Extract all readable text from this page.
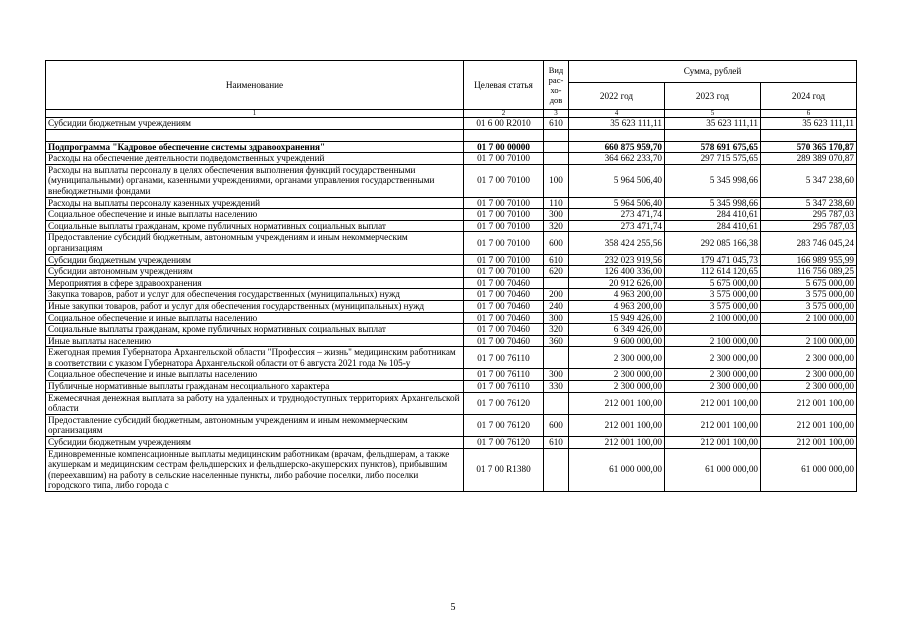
Наименование	Целевая статья	Вид рас-хо-дов	Сумма, рублей		
			2022 год	2023 год	2024 год
1	2	3	4	5	6
Субсидии бюджетным учреждениям	01 6 00 R2010	610	35 623 111,11	35 623 111,11	35 623 111,11

Подпрограмма "Кадровое обеспечение системы здравоохранения"	01 7 00 00000		660 875 959,70	578 691 675,65	570 365 170,87
Расходы на обеспечение деятельности подведомственных учреждений	01 7 00 70100		364 662 233,70	297 715 575,65	289 389 070,87
Расходы на выплаты персоналу в целях обеспечения выполнения функций государственными (муниципальными) органами, казенными учреждениями, органами управления государственными внебюджетными фондами	01 7 00 70100	100	5 964 506,40	5 345 998,66	5 347 238,60
Расходы на выплаты персоналу казенных учреждений	01 7 00 70100	110	5 964 506,40	5 345 998,66	5 347 238,60
Социальное обеспечение и иные выплаты населению	01 7 00 70100	300	273 471,74	284 410,61	295 787,03
Социальные выплаты гражданам, кроме публичных нормативных социальных выплат	01 7 00 70100	320	273 471,74	284 410,61	295 787,03
Предоставление субсидий бюджетным, автономным учреждениям и иным некоммерческим организациям	01 7 00 70100	600	358 424 255,56	292 085 166,38	283 746 045,24
Субсидии бюджетным учреждениям	01 7 00 70100	610	232 023 919,56	179 471 045,73	166 989 955,99
Субсидии автономным учреждениям	01 7 00 70100	620	126 400 336,00	112 614 120,65	116 756 089,25
Мероприятия в сфере здравоохранения	01 7 00 70460		20 912 626,00	5 675 000,00	5 675 000,00
Закупка товаров, работ и услуг для обеспечения государственных (муниципальных) нужд	01 7 00 70460	200	4 963 200,00	3 575 000,00	3 575 000,00
Иные закупки товаров, работ и услуг для обеспечения государственных (муниципальных) нужд	01 7 00 70460	240	4 963 200,00	3 575 000,00	3 575 000,00
Социальное обеспечение и иные выплаты населению	01 7 00 70460	300	15 949 426,00	2 100 000,00	2 100 000,00
Социальные выплаты гражданам, кроме публичных нормативных социальных выплат	01 7 00 70460	320	6 349 426,00		
Иные выплаты населению	01 7 00 70460	360	9 600 000,00	2 100 000,00	2 100 000,00
Ежегодная премия Губернатора Архангельской области "Профессия – жизнь" медицинским работникам в соответствии с указом Губернатора Архангельской области от 6 августа 2021 года № 105-у	01 7 00 76110		2 300 000,00	2 300 000,00	2 300 000,00
Социальное обеспечение и иные выплаты населению	01 7 00 76110	300	2 300 000,00	2 300 000,00	2 300 000,00
Публичные нормативные выплаты гражданам несоциального характера	01 7 00 76110	330	2 300 000,00	2 300 000,00	2 300 000,00
Ежемесячная денежная выплата за работу на удаленных и труднодоступных территориях Архангельской области	01 7 00 76120		212 001 100,00	212 001 100,00	212 001 100,00
Предоставление субсидий бюджетным, автономным учреждениям и иным некоммерческим организациям	01 7 00 76120	600	212 001 100,00	212 001 100,00	212 001 100,00
Субсидии бюджетным учреждениям	01 7 00 76120	610	212 001 100,00	212 001 100,00	212 001 100,00

Единовременные компенсационные выплаты медицинским работникам (врачам, фельдшерам, а также акушеркам и медицинским сестрам фельдшерских и фельдшерско-акушерских пунктов), прибывшим (переехавшим) на работу в сельские населенные пункты, либо рабочие поселки, либо поселки городского типа, либо города с	01 7 00 R1380		61 000 000,00	61 000 000,00	61 000 000,00
5
